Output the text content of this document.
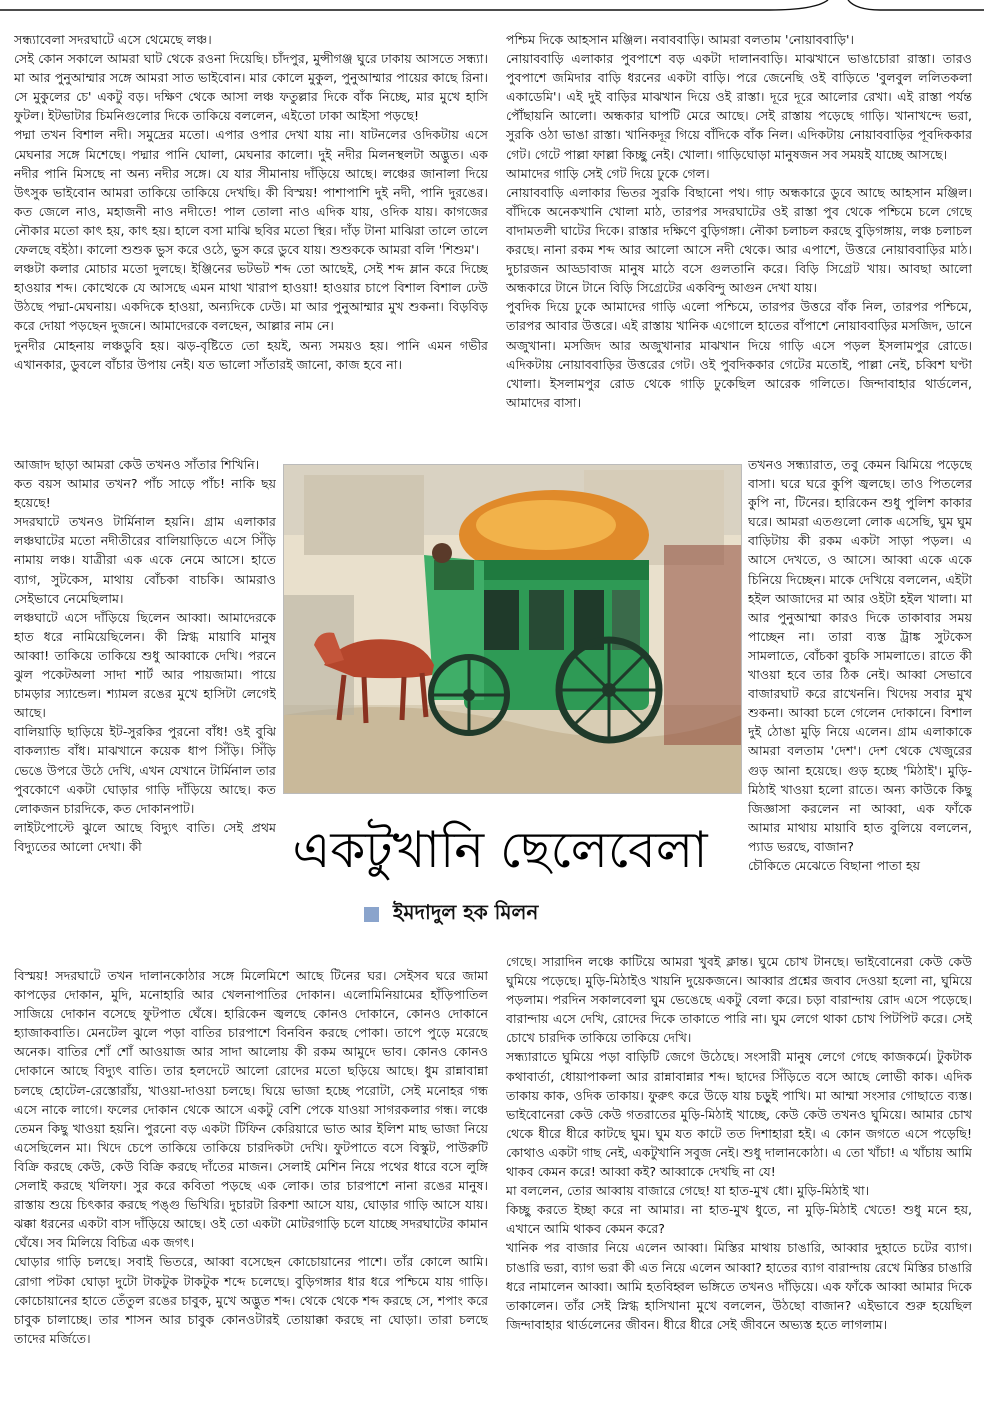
সন্ধ্যাবেলা সদরঘাটে এসে থেমেছে লঞ্চ।

সেই কোন সকালে আমরা ঘাট থেকে রওনা দিয়েছি। চাঁদপুর, মুন্সীগঞ্জ ঘুরে ঢাকায় আসতে সন্ধ্যা। মা আর পুনুআম্মার সঙ্গে আমরা সাত ভাইবোন। মার কোলে মুকুল, পুনুআম্মার পায়ের কাছে রিনা। সে মুকুলের চে' একটু বড়। দক্ষিণ থেকে আসা লঞ্চ ফতুল্লার দিকে বাঁক নিচ্ছে, মার মুখে হাসি ফুটল। ইটভাটার চিমনিগুলোর দিকে তাকিয়ে বললেন, এইতো ঢাকা আইসা পড়ছে!

পদ্মা তখন বিশাল নদী। সমুদ্রের মতো। এপার ওপার দেখা যায় না। ষাটনলের ওদিকটায় এসে মেঘনার সঙ্গে মিশেছে। পদ্মার পানি ঘোলা, মেঘনার কালো। দুই নদীর মিলনস্থলটা অদ্ভুত। এক নদীর পানি মিসছে না অন্য নদীর সঙ্গে। যে যার সীমানায় দাঁড়িয়ে আছে। লঞ্চের জানালা দিয়ে উৎসুক ভাইবোন আমরা তাকিয়ে তাকিয়ে দেখছি। কী বিস্ময়! পাশাপাশি দুই নদী, পানি দুরঙের। কত জেলে নাও, মহাজনী নাও নদীতে! পাল তোলা নাও এদিক যায়, ওদিক যায়। কাগজের নৌকার মতো কাৎ হয়, কাৎ হয়। হালে বসা মাঝি ছবির মতো স্থির। দাঁড় টানা মাঝিরা তালে তালে ফেলছে বইঠা। কালো শুশুক ভুস করে ওঠে, ভুস করে ডুবে যায়। শুশুককে আমরা বলি 'শিশুম'।

লঞ্চটা কলার মোচার মতো দুলছে। ইঞ্জিনের ভটভট শব্দ তো আছেই, সেই শব্দ ম্লান করে দিচ্ছে হাওয়ার শব্দ। কোত্থেকে যে আসছে এমন মাথা খারাপ হাওয়া! হাওয়ার চাপে বিশাল বিশাল ঢেউ উঠছে পদ্মা-মেঘনায়। একদিকে হাওয়া, অন্যদিকে ঢেউ। মা আর পুনুআম্মার মুখ শুকনা। বিড়বিড় করে দোয়া পড়ছেন দুজনে। আমাদেরকে বলছেন, আল্লার নাম নে।

দুনদীর মোহনায় লঞ্চডুবি হয়। ঝড়-বৃষ্টিতে তো হয়ই, অন্য সময়ও হয়। পানি এমন গভীর এখানকার, ডুবলে বাঁচার উপায় নেই। যত ভালো সাঁতারই জানো, কাজ হবে না।

পশ্চিম দিকে আহসান মঞ্জিল। নবাববাড়ি। আমরা বলতাম 'নোয়াববাড়ি'।

নোয়াববাড়ি এলাকার পুবপাশে বড় একটা দালানবাড়ি। মাঝখানে ভাঙাচোরা রাস্তা। তারও পুবপাশে জমিদার বাড়ি ধরনের একটা বাড়ি। পরে জেনেছি ওই বাড়িতে 'বুলবুল ললিতকলা একাডেমি'। এই দুই বাড়ির মাঝখান দিয়ে ওই রাস্তা। দূরে দূরে আলোর রেখা। এই রাস্তা পর্যন্ত পৌঁছায়নি আলো। অন্ধকার ঘাপটি মেরে আছে। সেই রাস্তায় পড়েছে গাড়ি। খানাখন্দে ভরা, সুরকি ওঠা ভাঙা রাস্তা। খানিকদূর গিয়ে বাঁদিকে বাঁক নিল। এদিকটায় নোয়াববাড়ির পূবদিককার গেট। গেটে পাল্লা ফাল্লা কিচ্ছু নেই। খোলা। গাড়িঘোড়া মানুষজন সব সময়ই যাচ্ছে আসছে।

আমাদের গাড়ি সেই গেট দিয়ে ঢুকে গেল।

নোয়াববাড়ি এলাকার ভিতর সুরকি বিছানো পথ। গাঢ় অন্ধকারে ডুবে আছে আহসান মঞ্জিল। বাঁদিকে অনেকখানি খোলা মাঠ, তারপর সদরঘাটের ওই রাস্তা পুব থেকে পশ্চিমে চলে গেছে বাদামতলী ঘাটের দিকে। রাস্তার দক্ষিণে বুড়িগঙ্গা। নৌকা চলাচল করছে বুড়িগঙ্গায়, লঞ্চ চলাচল করছে। নানা রকম শব্দ আর আলো আসে নদী থেকে। আর এপাশে, উত্তরে নোয়াববাড়ির মাঠ। দুচারজন আড্ডাবাজ মানুষ মাঠে বসে গুলতানি করে। বিড়ি সিগ্রেট খায়। আবছা আলো অন্ধকারে টানে টানে বিড়ি সিগ্রেটের একবিন্দু আগুন দেখা যায়।

পুবদিক দিয়ে ঢুকে আমাদের গাড়ি এলো পশ্চিমে, তারপর উত্তরে বাঁক নিল, তারপর পশ্চিমে, তারপর আবার উত্তরে। এই রাস্তায় খানিক এগোলে হাতের বাঁপাশে নোয়াববাড়ির মসজিদ, ডানে অজুখানা। মসজিদ আর অজুখানার মাঝখান দিয়ে গাড়ি এসে পড়ল ইসলামপুর রোডে। এদিকটায় নোয়াববাড়ির উত্তরের গেট। ওই পুবদিককার গেটের মতোই, পাল্লা নেই, চব্বিশ ঘণ্টা খোলা। ইসলামপুর রোড থেকে গাড়ি ঢুকেছিল আরেক গলিতে। জিন্দাবাহার থার্ডলেন, আমাদের বাসা।

আজাদ ছাড়া আমরা কেউ তখনও সাঁতার শিখিনি।

কত বয়স আমার তখন? পাঁচ সাড়ে পাঁচ! নাকি ছয় হয়েছে!

সদরঘাটে তখনও টার্মিনাল হয়নি। গ্রাম এলাকার লঞ্চঘাটের মতো নদীতীরের বালিয়াড়িতে এসে সিঁড়ি নামায় লঞ্চ। যাত্রীরা এক একে নেমে আসে। হাতে ব্যাগ, সুটকেস, মাথায় বোঁচকা বাচকি। আমরাও সেইভাবে নেমেছিলাম।

লঞ্চঘাটে এসে দাঁড়িয়ে ছিলেন আব্বা। আমাদেরকে হাত ধরে নামিয়েছিলেন। কী স্নিগ্ধ মায়াবি মানুষ আব্বা! তাকিয়ে তাকিয়ে শুধু আব্বাকে দেখি। পরনে ঝুল পকেটঅলা সাদা শার্ট আর পায়জামা। পায়ে চামড়ার স্যান্ডেল। শ্যামল রঙের মুখে হাসিটা লেগেই আছে।

বালিয়াড়ি ছাড়িয়ে ইট-সুরকির পুরনো বাঁধ! ওই বুঝি বাকল্যান্ড বাঁধ। মাঝখানে কয়েক ধাপ সিঁড়ি। সিঁড়ি ভেঙে উপরে উঠে দেখি, এখন যেখানে টার্মিনাল তার পুবকোণে একটা ঘোড়ার গাড়ি দাঁড়িয়ে আছে। কত লোকজন চারদিকে, কত দোকানপাট।

লাইটপোস্টে ঝুলে আছে বিদ্যুৎ বাতি। সেই প্রথম বিদ্যুতের আলো দেখা। কী	একটুখানি ছেলেবেলা
ইমদাদুল হক মিলন

তখনও সন্ধ্যারাত, তবু কেমন ঝিমিয়ে পড়েছে বাসা। ঘরে ঘরে কুপি জ্বলছে। তাও পিতলের কুপি না, টিনের। হারিকেন শুধু পুলিশ কাকার ঘরে। আমরা এতগুলো লোক এসেছি, ঘুম ঘুম বাড়িটায় কী রকম একটা সাড়া পড়ল। এ আসে দেখতে, ও আসে। আব্বা একে একে চিনিয়ে দিচ্ছেন। মাকে দেখিয়ে বললেন, এইটা হইল আজাদের মা আর ওইটা হইল খালা। মা আর পুনুআম্মা কারও দিকে তাকাবার সময় পাচ্ছেন না। তারা ব্যস্ত ট্রাঙ্ক সুটকেস সামলাতে, বোঁচকা বুচকি সামলাতে। রাতে কী খাওয়া হবে তার ঠিক নেই। আব্বা সেভাবে বাজারঘাট করে রাখেননি। খিদেয় সবার মুখ শুকনা। আব্বা চলে গেলেন দোকানে। বিশাল দুই ঠোঙা মুড়ি নিয়ে এলেন। গ্রাম এলাকাকে আমরা বলতাম 'দেশ'। দেশ থেকে খেজুরের গুড় আনা হয়েছে। গুড় হচ্ছে 'মিঠাই'। মুড়ি-মিঠাই খাওয়া হলো রাতে। অন্য কাউকে কিছু জিজ্ঞাসা করলেন না আব্বা, এক ফাঁকে আমার মাথায় মায়াবি হাত বুলিয়ে বললেন, প্যাড ভরছে, বাজান?

চৌকিতে মেঝেতে বিছানা পাতা হয়

বিস্ময়! সদরঘাটে তখন দালানকোঠার সঙ্গে মিলেমিশে আছে টিনের ঘর। সেইসব ঘরে জামা কাপড়ের দোকান, মুদি, মনোহারি আর খেলনাপাতির দোকান। এলোমিনিয়ামের হাঁড়িপাতিল সাজিয়ে দোকান বসেছে ফুটপাত ঘেঁষে। হারিকেন জ্বলছে কোনও দোকানে, কোনও দোকানে হ্যাজাকবাতি। মেনটেল ঝুলে পড়া বাতির চারপাশে বিনবিন করছে পোকা। তাপে পুড়ে মরেছে অনেক। বাতির শোঁ শোঁ আওয়াজ আর সাদা আলোয় কী রকম আমুদে ভাব। কোনও কোনও দোকানে আছে বিদ্যুৎ বাতি। তার হলদেটে আলো রোদের মতো ছড়িয়ে আছে। ধুম রান্নাবান্না চলছে হোটেল-রেস্তোরাঁয়, খাওয়া-দাওয়া চলছে। ঘিয়ে ভাজা হচ্ছে পরোটা, সেই মনোহর গন্ধ এসে নাকে লাগে। ফলের দোকান থেকে আসে একটু বেশি পেকে যাওয়া সাগরকলার গন্ধ। লঞ্চে তেমন কিছু খাওয়া হয়নি। পুরনো বড় একটা টিফিন কেরিয়ারে ভাত আর ইলিশ মাছ ভাজা নিয়ে এসেছিলেন মা। খিদে চেপে তাকিয়ে তাকিয়ে চারদিকটা দেখি। ফুটপাতে বসে বিস্কুট, পাউরুটি বিক্রি করছে কেউ, কেউ বিক্রি করছে দাঁতের মাজন। সেলাই মেশিন নিয়ে পথের ধারে বসে লুঙ্গি সেলাই করছে খলিফা। সুর করে কবিতা পড়ছে এক লোক। তার চারপাশে নানা রঙের মানুষ। রাস্তায় শুয়ে চিৎকার করছে পঙ্গু ভিখিরি। দুচারটা রিকশা আসে যায়, ঘোড়ার গাড়ি আসে যায়। ঝক্কা ধরনের একটা বাস দাঁড়িয়ে আছে। ওই তো একটা মোটরগাড়ি চলে যাচ্ছে সদরঘাটের কামান ঘেঁষে। সব মিলিয়ে বিচিত্র এক জগৎ।

ঘোড়ার গাড়ি চলছে। সবাই ভিতরে, আব্বা বসেছেন কোচোয়ানের পাশে। তাঁর কোলে আমি। রোগা পটকা ঘোড়া দুটো টাকটুক টাকটুক শব্দে চলেছে। বুড়িগঙ্গার ধার ধরে পশ্চিমে যায় গাড়ি। কোচোয়ানের হাতে তেঁতুল রঙের চাবুক, মুখে অদ্ভুত শব্দ। থেকে থেকে শব্দ করছে সে, শপাং করে চাবুক চালাচ্ছে। তার শাসন আর চাবুক কোনওটারই তোয়াক্কা করছে না ঘোড়া। তারা চলছে তাদের মর্জিতে।

গেছে। সারাদিন লঞ্চে কাটিয়ে আমরা খুবই ক্লান্ত। ঘুমে চোখ টানছে। ভাইবোনেরা কেউ কেউ ঘুমিয়ে পড়েছে। মুড়ি-মিঠাইও খায়নি দুয়েকজনে। আব্বার প্রশ্নের জবাব দেওয়া হলো না, ঘুমিয়ে পড়লাম। পরদিন সকালবেলা ঘুম ভেঙেছে একটু বেলা করে। চড়া বারান্দায় রোদ এসে পড়েছে। বারান্দায় এসে দেখি, রোদের দিকে তাকাতে পারি না। ঘুম লেগে থাকা চোখ পিটপিট করে। সেই চোখে চারদিক তাকিয়ে তাকিয়ে দেখি।

সন্ধ্যারাতে ঘুমিয়ে পড়া বাড়িটি জেগে উঠেছে। সংসারী মানুষ লেগে গেছে কাজকর্মে। টুকটাক কথাবার্তা, ধোয়াপাকলা আর রান্নাবান্নার শব্দ। ছাদের সিঁড়িতে বসে আছে লোভী কাক। এদিক তাকায় কাক, ওদিক তাকায়। ফুরুৎ করে উড়ে যায় চড়ুই পাখি। মা আম্মা সংসার গোছাতে ব্যস্ত। ভাইবোনেরা কেউ কেউ গতরাতের মুড়ি-মিঠাই খাচ্ছে, কেউ কেউ তখনও ঘুমিয়ে। আমার চোখ থেকে ধীরে ধীরে কাটছে ঘুম। ঘুম যত কাটে তত দিশাহারা হই। এ কোন জগতে এসে পড়েছি! কোথাও একটা গাছ নেই, একটুখানি সবুজ নেই। শুধু দালানকোঠা। এ তো খাঁচা! এ খাঁচায় আমি থাকব কেমন করে! আব্বা কই? আব্বাকে দেখছি না যে!

মা বললেন, তোর আব্বায় বাজারে গেছে! যা হাত-মুখ ধো। মুড়ি-মিঠাই খা।

কিচ্ছু করতে ইচ্ছা করে না আমার। না হাত-মুখ ধুতে, না মুড়ি-মিঠাই খেতে! শুধু মনে হয়, এখানে আমি থাকব কেমন করে?

খানিক পর বাজার নিয়ে এলেন আব্বা। মিস্তির মাথায় চাঙারি, আব্বার দুহাতে চটের ব্যাগ। চাঙারি ভরা, ব্যাগ ভরা কী এত নিয়ে এলেন আব্বা? হাতের ব্যাগ বারান্দায় রেখে মিস্তির চাঙারি ধরে নামালেন আব্বা। আমি হতবিহ্বল ভঙ্গিতে তখনও দাঁড়িয়ে। এক ফাঁকে আব্বা আমার দিকে তাকালেন। তাঁর সেই স্নিগ্ধ হাসিখানা মুখে বললেন, উঠছো বাজান? এইভাবে শুরু হয়েছিল জিন্দাবাহার থার্ডলেনের জীবন। ধীরে ধীরে সেই জীবনে অভ্যস্ত হতে লাগলাম।
